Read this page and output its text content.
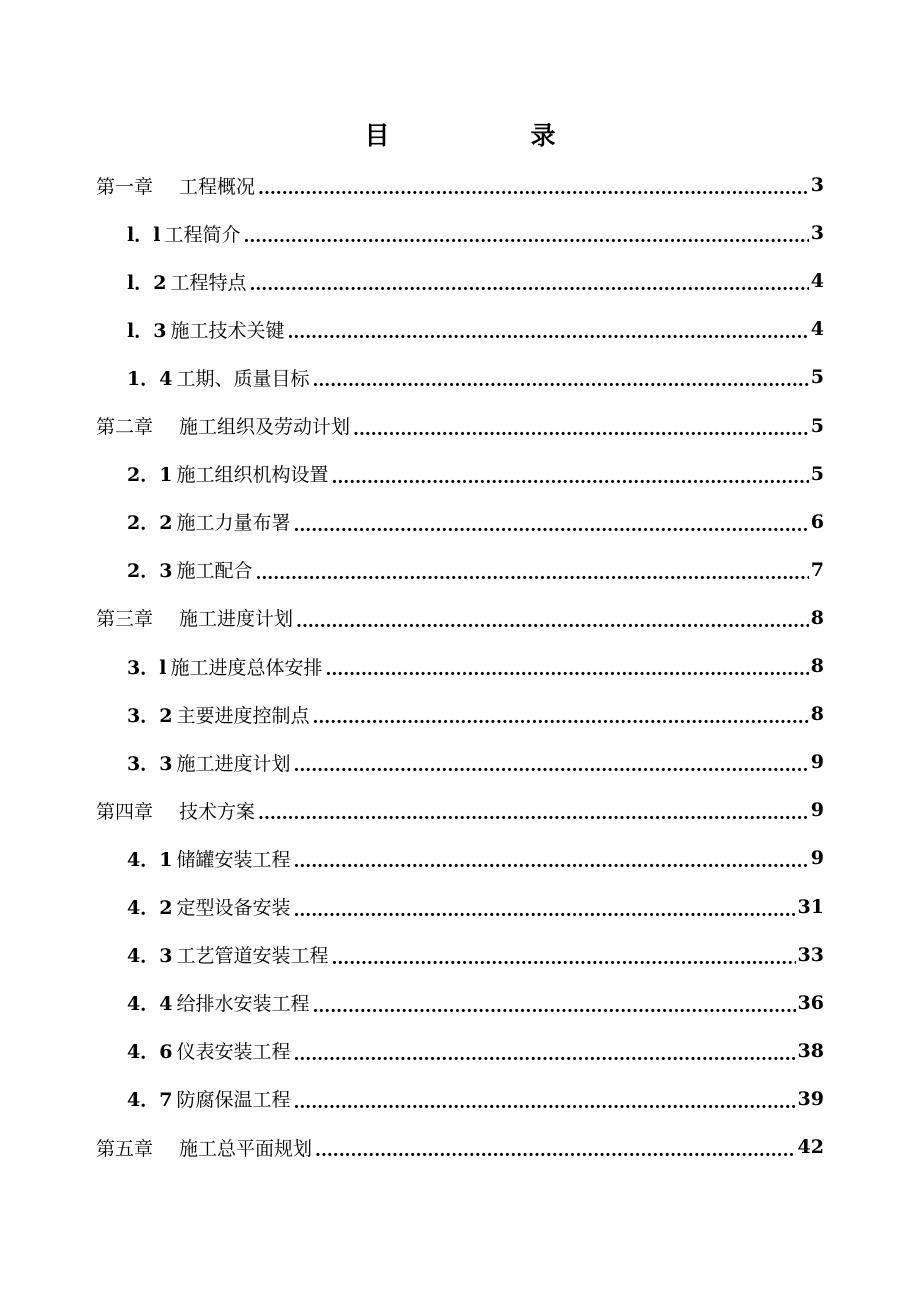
目　录
第一章 工程概况 .....	3
l．l 工程简介 .....	3
l．2 工程特点 .....	4
l．3 施工技术关键 .....	4
1．4 工期、质量目标 .....	5
第二章 施工组织及劳动计划 .....	5
2．1 施工组织机构设置 .....	5
2．2 施工力量布署 .....	6
2．3 施工配合 .....	7
第三章 施工进度计划 .....	8
3．l 施工进度总体安排 .....	8
3．2 主要进度控制点 .....	8
3．3 施工进度计划 .....	9
第四章 技术方案 .....	9
4．1 储罐安装工程 .....	9
4．2 定型设备安装 .....	31
4．3 工艺管道安装工程 .....	33
4．4 给排水安装工程 .....	36
4．6 仪表安装工程 .....	38
4．7 防腐保温工程 .....	39
第五章 施工总平面规划 .....	42
